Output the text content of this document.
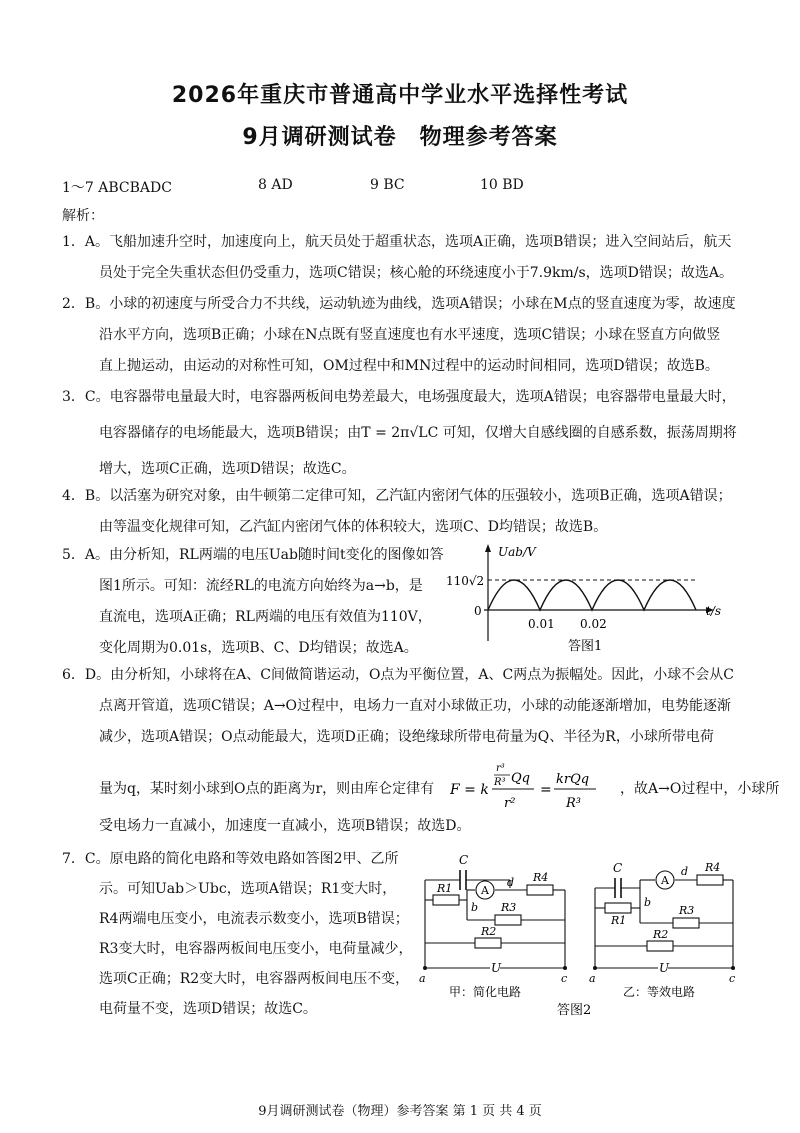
2026年重庆市普通高中学业水平选择性考试
9月调研测试卷　物理参考答案
1～7 ABCBADC	8 AD	9 BC	10 BD
解析：
1．A。飞船加速升空时，加速度向上，航天员处于超重状态，选项A正确，选项B错误；进入空间站后，航天
员处于完全失重状态但仍受重力，选项C错误；核心舱的环绕速度小于7.9km/s，选项D错误；故选A。
2．B。小球的初速度与所受合力不共线，运动轨迹为曲线，选项A错误；小球在M点的竖直速度为零，故速度
沿水平方向，选项B正确；小球在N点既有竖直速度也有水平速度，选项C错误；小球在竖直方向做竖
直上抛运动，由运动的对称性可知，OM过程中和MN过程中的运动时间相同，选项D错误；故选B。
3．C。电容器带电量最大时，电容器两板间电势差最大，电场强度最大，选项A错误；电容器带电量最大时，
电容器储存的电场能最大，选项B错误；由T = 2π√LC 可知，仅增大自感线圈的自感系数，振荡周期将
增大，选项C正确，选项D错误；故选C。
4．B。以活塞为研究对象，由牛顿第二定律可知，乙汽缸内密闭气体的压强较小，选项B正确，选项A错误；
由等温变化规律可知，乙汽缸内密闭气体的体积较大，选项C、D均错误；故选B。
5．A。由分析知，RL两端的电压Uab随时间t变化的图像如答
图1所示。可知：流经RL的电流方向始终为a→b，是
直流电，选项A正确；RL两端的电压有效值为110V，
变化周期为0.01s，选项B、C、D均错误；故选A。
Uab/V
110√2
0
0.01 0.02
t/s
答图1
6．D。由分析知，小球将在A、C间做简谐运动，O点为平衡位置，A、C两点为振幅处。因此，小球不会从C
点离开管道，选项C错误；A→O过程中，电场力一直对小球做正功，小球的动能逐渐增加，电势能逐渐
减少，选项A错误；O点动能最大，选项D正确；设绝缘球所带电荷量为Q、半径为R，小球所带电荷
量为q，某时刻小球到O点的距离为r，则由库仑定律有 F = k
r³
R³ Qq
r²
=
krQq
R³
，故A→O过程中，小球所
受电场力一直减小，加速度一直减小，选项B错误；故选D。
7．C。原电路的简化电路和等效电路如答图2甲、乙所
示。可知Uab＞Ubc，选项A错误；R1变大时，
R4两端电压变小，电流表示数变小，选项B错误；
R3变大时，电容器两板间电压变小，电荷量减少，
选项C正确；R2变大时，电容器两板间电压不变，
电荷量不变，选项D错误；故选C。
C
R1	A
d R4
b R3
R2
U
a	c
甲：简化电路
C
R1
A
d R4
b
R3
R2
U
a	c
乙：等效电路
答图2
9月调研测试卷（物理）参考答案 第 1 页 共 4 页
